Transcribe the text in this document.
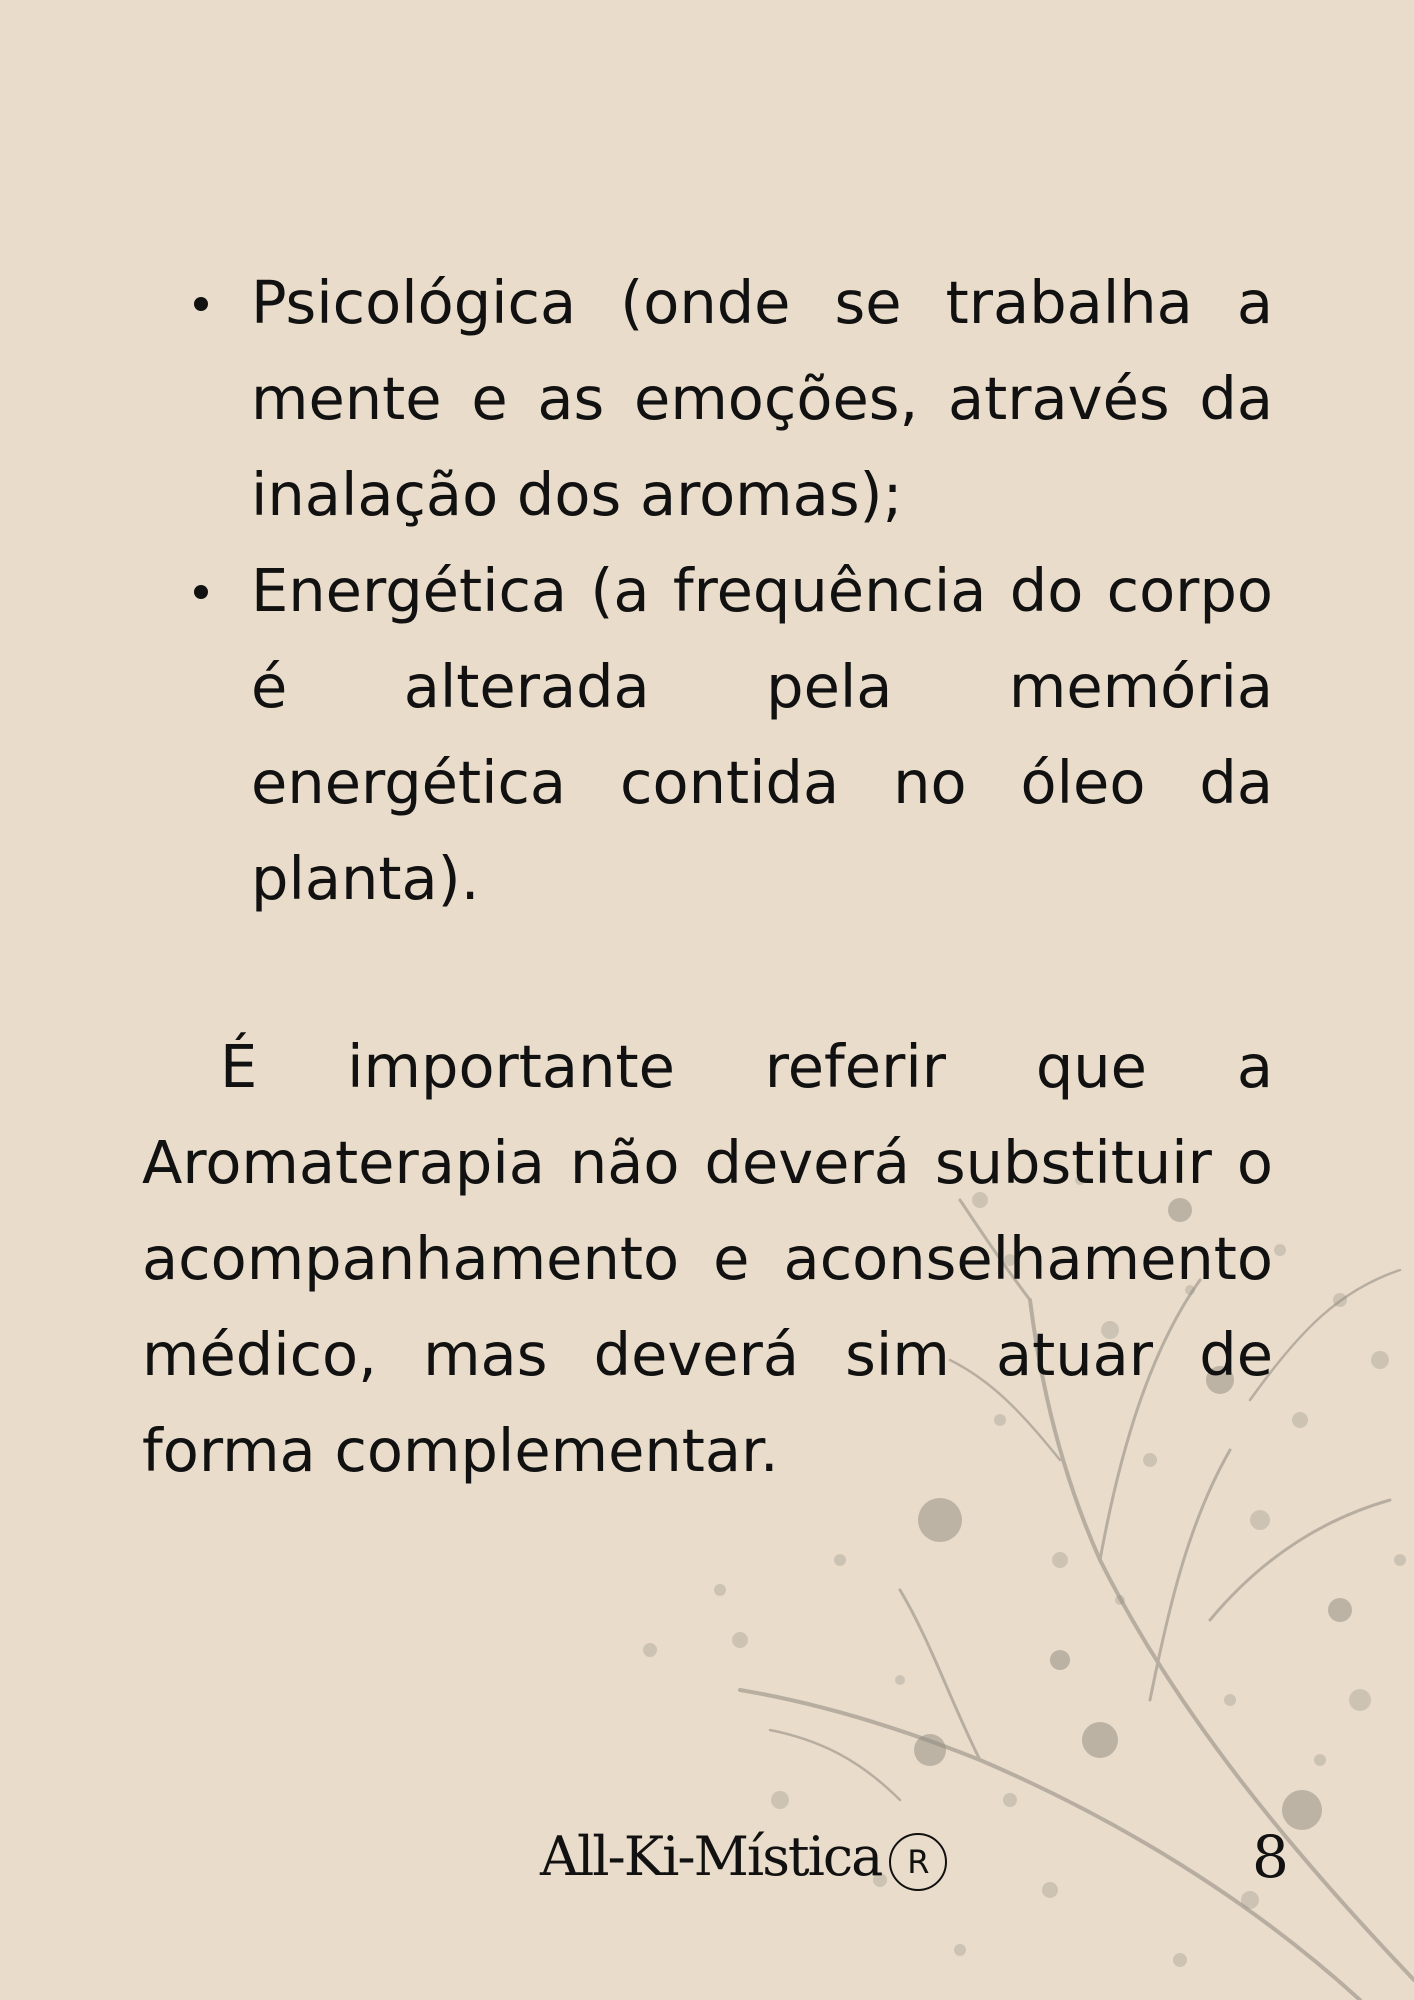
Psicológica (onde se trabalha a mente e as emoções, através da inalação dos aromas);
Energética (a frequência do corpo é alterada pela memória energética contida no óleo da planta).

É importante referir que a Aromaterapia não deverá substituir o acompanhamento e aconselhamento médico, mas deverá sim atuar de forma complementar.

All-Ki-Mística R	8
